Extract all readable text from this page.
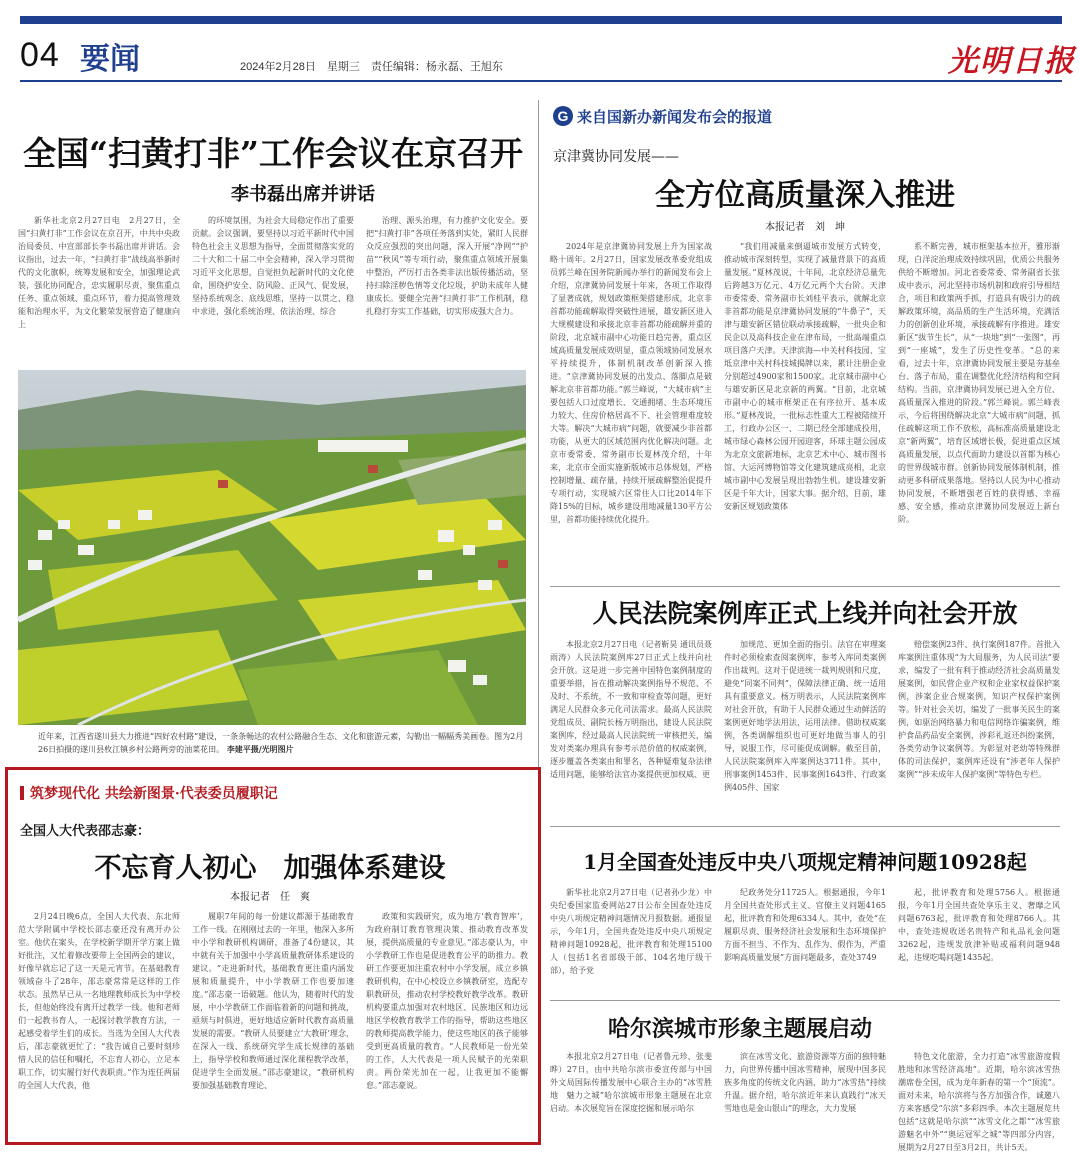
04 要闻	2024年2月28日　星期三　责任编辑：杨永磊、王旭东	光明日报
全国“扫黄打非”工作会议在京召开
李书磊出席并讲话

新华社北京2月27日电　2月27日，全国“扫黄打非”工作会议在京召开，中共中央政治局委员、中宣部部长李书磊出席并讲话。会议指出，过去一年，“扫黄打非”战线高举新时代的文化旗帜，统筹发展和安全，加强理论武装，强化协同配合，忠实履职尽责，聚焦重点任务、重点领域、重点环节，着力提高管理效能和治理水平，为文化繁荣发展营造了健康向上

的环境氛围，为社会大局稳定作出了重要贡献。会议强调，要坚持以习近平新时代中国特色社会主义思想为指导，全面贯彻落实党的二十大和二十届二中全会精神，深入学习贯彻习近平文化思想，自觉担负起新时代的文化使命，围绕护安全、防风险、正风气、促发展，坚持系统观念、底线思维，坚持一以贯之、稳中求进，强化系统治理、依法治理、综合

治理、源头治理，有力推护文化安全。要把“扫黄打非”各项任务落到实处，紧盯人民群众反应强烈的突出问题，深入开展“净网”“护苗”“秋风”等专项行动，聚焦重点领域开展集中整治，严厉打击各类非法出版传播活动，坚持扫除淫秽色情等文化垃圾，护助未成年人健康成长。要健全完善“扫黄打非”工作机制，稳扎稳打夯实工作基础，切实形成强大合力。

近年来，江西省遂川县大力推进“四好农村路”建设，一条条畅达的农村公路融合生态、文化和旅游元素，勾勒出一幅幅秀美画卷。图为2月26日拍摄的遂川县枚江镇乡村公路两旁的油菜花田。 李建平摄/光明图片
筑梦现代化 共绘新图景·代表委员履职记
全国人大代表邵志豪：
不忘育人初心　加强体系建设
本报记者　任　爽

2月24日晚6点，全国人大代表、东北师范大学附属中学校长邵志豪还没有离开办公室。他伏在案头，在学校新学期开学方案上做好批注，又忙着修改要带上全国两会的建议，好像早就忘记了这一天是元宵节。在基础教育领域奋斗了28年，邵志豪常常是这样的工作状态。虽然早已从一名地理教师成长为中学校长，但他始终没有离开过教学一线。他和老师们一起教书育人，一起探讨教学教育方法，一起感受着学生们的成长。当选为全国人大代表后，邵志豪就更忙了：“我告诫自己要时刻珍惜人民的信任和嘱托，不忘育人初心，立足本职工作，切实履行好代表职责。”作为连任两届的全国人大代表，他

履职7年间的每一份建议都源于基础教育工作一线。在刚刚过去的一年里，他深入多所中小学和教研机构调研，准备了4份建议，其中就有关于加强中小学高质量教研体系建设的建议。“走进新时代，基础教育更注重内涵发展和质量提升，中小学教研工作也要加速度。”邵志豪一语破题。他认为，随着时代的发展，中小学教研工作面临着新的问题和挑战，亟须与时俱进，更好地适应新时代教育高质量发展的需要。“教研人员要建立‘大教研’理念，在深入一线、系统研究学生成长规律的基础上，指导学校和教师通过深化课程教学改革，促进学生全面发展。”邵志豪建议，“教研机构要加强基础教育理论、

政策和实践研究，成为地方‘教育智库’，为政府制订教育管理决策、推动教育改革发展，提供高质量的专业意见。”邵志豪认为，中小学教研工作也是促进教育公平的助推力。教研工作要更加注重农村中小学发展，成立乡镇教研机构，在中心校设立乡镇教研室，选配专职教研员，推动农村学校教好教学改革。教研机构要重点加强对农村地区、民族地区和边远地区学校教育教学工作的指导，帮助这些地区的教师提高教学能力，使这些地区的孩子能够受到更高质量的教育。“人民教师是一份光荣的工作，人大代表是一项人民赋予的光荣职责。两份荣光加在一起，让我更加不能懈怠。”邵志豪说。

G 来自国新办新闻发布会的报道
京津冀协同发展——
全方位高质量深入推进
本报记者　刘　坤

2024年是京津冀协同发展上升为国家战略十周年。2月27日，国家发展改革委党组成员郭兰峰在国务院新闻办举行的新闻发布会上介绍，京津冀协同发展十年来，各项工作取得了显著成就，规划政策框架搭建形成，北京非首都功能疏解取得突破性进展，雄安新区进入大规模建设和承接北京非首都功能疏解并重的阶段，北京城市副中心功能日趋完善，重点区域高质量发展成效明显，重点领域协同发展水平持续提升，体制机制改革创新深入推进。“京津冀协同发展的出发点、落脚点是破解北京非首都功能。”郭兰峰说，“大城市病”主要包括人口过度增长、交通拥堵、生态环境压力较大、住房价格居高不下、社会管理难度较大等。解决“大城市病”问题，就要减少非首都功能，从更大的区域范围内优化解决问题。北京市委常委、常务副市长夏林茂介绍，十年来，北京市全面实施新版城市总体规划，严格控制增量、疏存量，持续开展疏解整治促提升专项行动，实现城六区常住人口比2014年下降15%的目标，城乡建设用地减量130平方公里，首都功能持续优化提升。

“我们用减量来倒逼城市发展方式转变，推动城市深刻转型，实现了减量背景下的高质量发展。”夏林茂说，十年间，北京经济总量先后跨越3万亿元、4万亿元两个大台阶。天津市委常委、常务副市长刘桂平表示，就解北京非首都功能是京津冀协同发展的“牛鼻子”，天津与雄安新区错位联动承接疏解，一批央企和民企以及高科技企业在津布局，一批高端重点项目落户天津。天津滨海—中关村科技园、宝坻京津中关村科技城揭牌以来，累计注册企业分别超过4900家和1500家。北京城市副中心与雄安新区是北京新的两翼。“目前，北京城市副中心的城市框架正在有序拉开、基本成形。”夏林茂说，一批标志性重大工程被陆续开工，行政办公区一、二期已经全部建成投用，城市绿心森林公园开园迎客，环球主题公园成为北京文旅新地标，北京艺术中心、城市图书馆、大运河博物馆等文化建筑建成亮相，北京城市副中心发展呈现出勃勃生机。建设雄安新区是千年大计，国家大事。据介绍，目前，雄安新区规划政策体

系不断完善，城市框架基本拉开，雅形渐现，白洋淀治理成效持续巩固，优质公共服务供给不断增加。河北省委常委、常务副省长张成中表示，河北坚持市场机制和政府引导相结合，项目和政策两手抓，打造具有吸引力的疏解政策环境，高品质的生产生活环境，充满活力的创新创业环境，承接疏解有序推进。雄安新区“拔节生长”，从“一块地”到“一张图”，再到“一座城”，发生了历史性变革。“总的来看，过去十年，京津冀协同发展主要是夯基垒台、落子布局，重在调整优化经济结构和空间结构。当前，京津冀协同发展已进入全方位、高质量深入推进的阶段。”郭兰峰说。郭兰峰表示，今后将围绕解决北京“大城市病”问题，抓住疏解这项工作不放松，高标准高质量建设北京“新两翼”，培育区域增长极，促进重点区域高质量发展，以点代面助力建设以首都为核心的世界级城市群。创新协同发展体制机制，推动更多科研成果落地。坚持以人民为中心推动协同发展，不断增强老百姓的获得感、幸福感、安全感，推动京津冀协同发展迈上新台阶。

人民法院案例库正式上线并向社会开放

本报北京2月27日电（记者靳昊 通讯员聂雨涛）人民法院案例库27日正式上线并向社会开放。这是进一步完善中国特色案例制度的重要举措，旨在推动解决案例指导不规范、不及时、不系统，不一致和审检查等问题，更好满足人民群众多元化司法需求。最高人民法院党组成员、副院长杨万明指出，建设人民法院案例库，经过最高人民法院统一审核把关，编发对类案办理具有参考示范价值的权威案例，逐步覆盖各类案由和罪名，各种疑难复杂法律适用问题，能够给法官办案提供更加权威、更

加规范、更加全面的指引。法官在审理案件时必须检索查阅案例库，参考入库同类案例作出裁判。这对于促进统一裁判规则和尺度，避免“同案不同判”，保障法律正确、统一适用具有重要意义。杨万明表示，人民法院案例库对社会开放，有助于人民群众通过生动鲜活的案例更好地学法用法，运用法律。借助权威案例，各类调解组织也可更好地做当事人的引导，说服工作，尽可能促成调解。截至目前，人民法院案例库入库案例达3711件。其中，刑事案例1453件、民事案例1643件、行政案例405件、国家

赔偿案例23件、执行案例187件。首批入库案例注重体现“为大局服务，为人民司法”要求，编发了一批有利于推动经济社会高质量发展案例，如民营企业产权和企业家权益保护案例，涉案企业合规案例，知识产权保护案例等。针对社会关切，编发了一批事关民生的案例，如驱治网络暴力和电信网络诈骗案例，维护食品药品安全案例，涉彩礼返还纠纷案例，各类劳动争议案例等。为彰显对老幼等特殊群体的司法保护，案例库还设有“涉老年人保护案例”“涉未成年人保护案例”等特色专栏。

1月全国查处违反中央八项规定精神问题10928起

新华社北京2月27日电（记者孙少龙）中央纪委国家监委网站27日公布全国查处违反中央八项规定精神问题情况月报数据。通报显示，今年1月，全国共查处违反中央八项规定精神问题10928起，批评教育和处理15100人（包括1名省部级干部、104名地厅级干部），给予党

纪政务处分11725人。根据通报，今年1月全国共查处形式主义、官僚主义问题4165起，批评教育和处理6334人。其中，查处“在履职尽责、服务经济社会发展和生态环境保护方面不担当、不作为、乱作为、假作为，严重影响高质量发展”方面问题最多，查处3749

起，批评教育和处理5756人。根据通报，今年1月全国共查处享乐主义、奢靡之风问题6763起，批评教育和处理8766人。其中，查处违规收送名贵特产和礼品礼金问题3262起，违规发放津补贴或福利问题948起，违规吃喝问题1435起。

哈尔滨城市形象主题展启动

本报北京2月27日电（记者鲁元珍、张斐晔）27日，由中共哈尔滨市委宣传部与中国外文局国际传播发展中心联合主办的“冰雪胜地　魅力之城”哈尔滨城市形象主题展在北京启动。本次展览旨在深度挖掘和展示哈尔

滨在冰雪文化、旅游资源等方面的独特魅力，向世界传播中国冰雪精神，展现中国多民族多角度的传统文化内涵，助力“冰雪热”持续升温。据介绍，哈尔滨近年来认真践行“冰天雪地也是金山银山”的理念，大力发展

特色文化旅游，全力打造“冰雪旅游度假胜地和冰雪经济高地”。近期，哈尔滨冰雪热潮席卷全国，成为龙年新春的第一个“顶流”。面对未来，哈尔滨将与各方加强合作，诚邀八方来客感受“尔滨”多彩四季。本次主题展览共包括“这就是哈尔滨”“冰雪文化之都”“冰雪旅游魅名中外”“奥运冠军之城”等四部分内容，展期为2月27日至3月2日，共计5天。
